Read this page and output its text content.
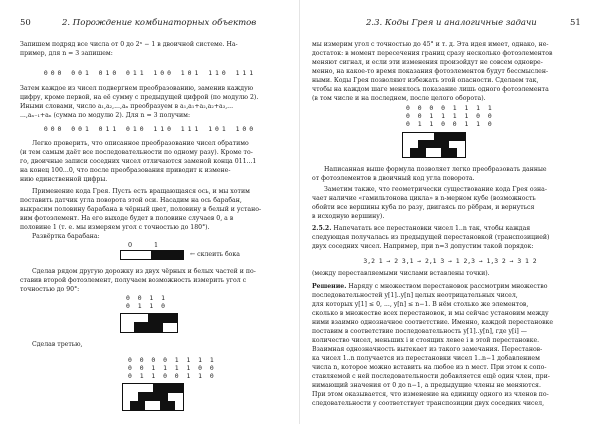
50	2. Порождение комбинаторных объектов
Запишем подряд все числа от 0 до 2ⁿ − 1 в двоичной системе. На-
пример, для n = 3 запишем:
000 001 010 011 100 101 110 111
Затем каждое из чисел подвергнем преобразованию, заменив каждую
цифру, кроме первой, на её сумму с предыдущей цифрой (по модулю 2).
Иными словами, число a₁,a₂,...,aₙ преобразуем в a₁,a₁+a₂,a₂+a₃,...
...,aₙ₋₁+aₙ (сумма по модулю 2). Для n = 3 получим:
000 001 011 010 110 111 101 100
Легко проверить, что описанное преобразование чисел обратимо
(и тем самым даёт все последовательности по одному разу). Кроме то-
го, двоичные записи соседних чисел отличаются заменой конца 011...1
на конец 100...0, что после преобразования приводит к измене-
нию единственной цифры.
Применение кода Грея. Пусть есть вращающаяся ось, и мы хотим
поставить датчик угла поворота этой оси. Насадим на ось барабан,
выкрасим половину барабана в чёрный цвет, половину в белый и устано-
вим фотоэлемент. На его выходе будет в половине случаев 0, а в
половине 1 (т. е. мы измеряем угол с точностью до 180°).
Развёртка барабана:
0	1
← склеить бока
Сделав рядом другую дорожку из двух чёрных и белых частей и по-
ставив второй фотоэлемент, получаем возможность измерить угол с
точностью до 90°:
0 0 1 1
0 1 1 0
Сделав третью,
0 0 0 0 1 1 1 1
0 0 1 1 1 1 0 0
0 1 1 0 0 1 1 0
2.3. Коды Грея и аналогичные задачи	51
мы измерим угол с точностью до 45° и т. д. Эта идея имеет, однако, не-
достаток: в момент пересечения границ сразу несколько фотоэлементов
меняют сигнал, и если эти изменения произойдут не совсем одновре-
менно, на какое-то время показания фотоэлементов будут бессмыслен-
ными. Коды Грея позволяют избежать этой опасности. Сделаем так,
чтобы на каждом шаге менялось показание лишь одного фотоэлемента
(в том числе и на последнем, после целого оборота).
0 0 0 0 1 1 1 1
0 0 1 1 1 1 0 0
0 1 1 0 0 1 1 0
Написанная выше формула позволяет легко преобразовать данные
от фотоэлементов в двоичный код угла поворота.
Заметим также, что геометрически существование кода Грея озна-
чает наличие «гамильтонова цикла» в n-мерном кубе (возможность
обойти все вершины куба по разу, двигаясь по рёбрам, и вернуться
в исходную вершину).
2.5.2. Напечатать все перестановки чисел 1..n так, чтобы каждая
следующая получалась из предыдущей перестановкой (транспозицией)
двух соседних чисел. Например, при n=3 допустим такой порядок:
3,2 1 → 2 3,1 → 2,1 3 → 1 2,3 → 1,3 2 → 3 1 2
(между переставляемыми числами вставлены точки).
Решение. Наряду с множеством перестановок рассмотрим множество
последовательностей y[1]..y[n] целых неотрицательных чисел,
для которых y[1] ≤ 0, ..., y[n] ≤ n−1. В нём столько же элементов,
сколько в множестве всех перестановок, и мы сейчас установим между
ними взаимно однозначное соответствие. Именно, каждой перестановке
поставим в соответствие последовательность y[1]..y[n], где y[i] —
количество чисел, меньших i и стоящих левее i в этой перестановке.
Взаимная однозначность вытекает из такого замечания. Перестанов-
ка чисел 1..n получается из перестановки чисел 1..n−1 добавлением
числа n, которое можно вставить на любое из n мест. При этом к сопо-
ставляемой с ней последовательности добавляется ещё один член, при-
нимающий значения от 0 до n−1, а предыдущие члены не меняются.
При этом оказывается, что изменение на единицу одного из членов по-
следовательности y соответствует транспозиции двух соседних чисел,
